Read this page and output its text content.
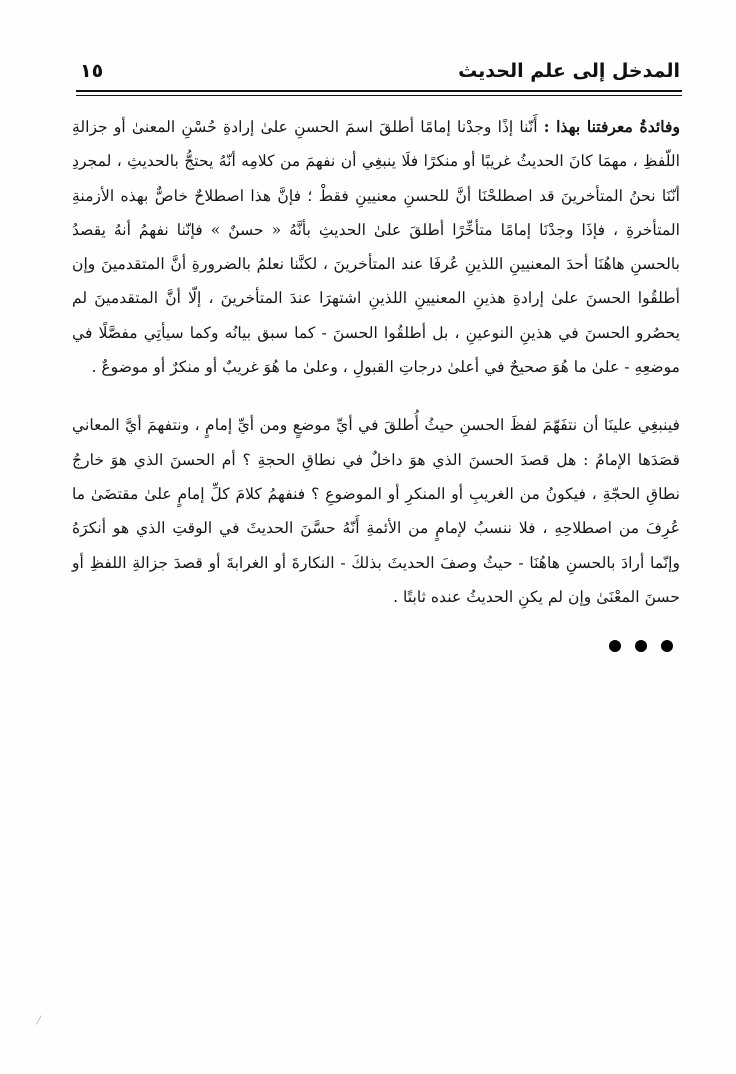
المدخل إلى علم الحديث
١٥

وفائدةُ معرفتنا بهذا : أَنّنا إذًا وجدْنا إمامًا أطلقَ اسمَ الحسنِ علىٰ إرادةِ حُسْنِ المعنىٰ أو جزالةِ اللّفظِ ، مهمَا كانَ الحديثُ غريبًا أو منكرًا فلَا ينبغِي أن نفهمَ من كلامِه أنّهُ يحتجُّ بالحديثِ ، لمجردِ أنّنَا نحنُ المتأخرينَ قد اصطلحْنَا أنَّ للحسنِ معنيينِ فقطْ ؛ فإنَّ هذا اصطلاحٌ خاصٌّ بهذه الأزمنةِ المتأخرةِ ، فإذَا وجدْنَا إمامًا متأخِّرًا أطلقَ علىٰ الحديثِ بأنَّهُ « حسنٌ » فإنّنا نفهمُ أنهُ يقصدُ بالحسنِ هاهُنَا أحدَ المعنيينِ اللذينِ عُرفَا عند المتأخرينَ ، لكنَّنا نعلمُ بالضرورةِ أنَّ المتقدمينَ وإن أطلقُوا الحسنَ علىٰ إرادةِ هذينِ المعنيينِ اللذينِ اشتهرَا عندَ المتأخرينَ ، إلّا أنَّ المتقدمينَ لم يحصُرو الحسنَ في هذينِ النوعينِ ، بل أطلقُوا الحسنَ - كما سبق بيانُه وكما سيأتِي مفصَّلًا في موضعِهِ - علىٰ ما هُوَ صحيحٌ في أعلىٰ درجاتِ القبولِ ، وعلىٰ ما هُوَ غريبٌ أو منكرٌ أو موضوعٌ .

فينبغِي علينَا أن نتفَهّمَ لفظَ الحسنِ حيثُ أُطلقَ في أيِّ موضعٍ ومن أيِّ إمامٍ ، ونتفهمَ أيَّ المعاني قصَدَها الإمامُ : هل قصدَ الحسنَ الذي هوَ داخلٌ في نطاقِ الحجةِ ؟ أم الحسنَ الذي هوَ خارجُ نطاقِ الحجّةِ ، فيكونُ من الغريبِ أو المنكرِ أو الموضوعِ ؟ فنفهمُ كلامَ كلِّ إمامٍ علىٰ مقتضَىٰ ما عُرِفَ من اصطلاحِهِ ، فلا ننسبُ لإمامٍ من الأئمةِ أَنّهُ حسَّنَ الحديثَ في الوقتِ الذي هو أنكرَهُ وإنّما أرادَ بالحسنِ هاهُنَا - حيثُ وصفَ الحديثَ بذلكَ - النكارةَ أو الغرابةَ أو قصدَ جزالةِ اللفظِ أو حسنَ المعْنَىٰ وإن لم يكنِ الحديثُ عنده ثابتًا .
